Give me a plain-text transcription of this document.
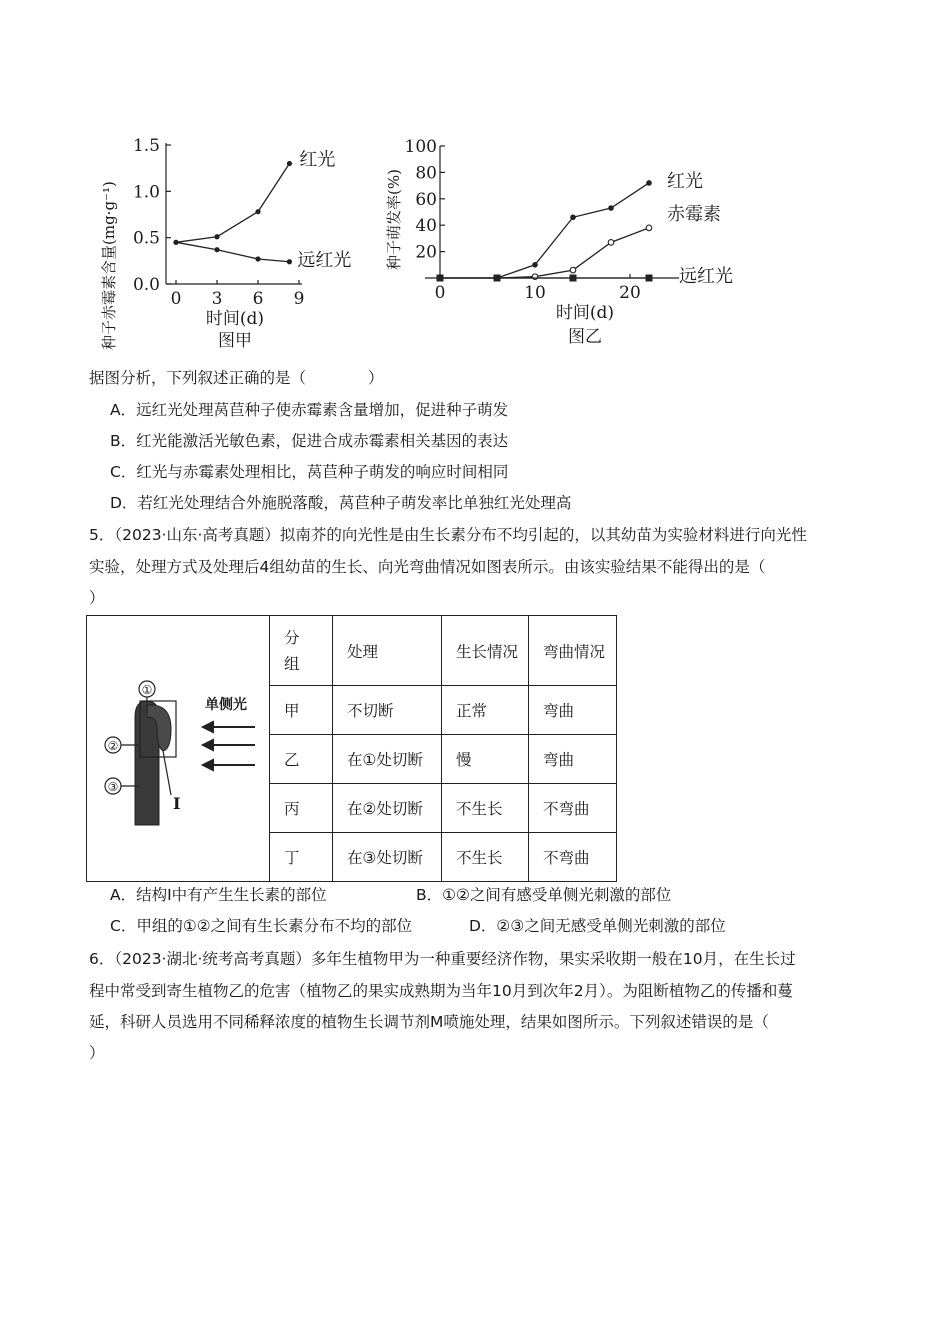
0.0
0.5
1.0
1.5
0 3 6 9
时间(d)
图甲
种子赤霉素含量(mg·g⁻¹)
红光
远红光	20
40
60
80
100
0	10	20
时间(d)
图乙
种子萌发率(%)	红光
赤霉素
远红光
据图分析，下列叙述正确的是（　　　　）
A．远红光处理莴苣种子使赤霉素含量增加，促进种子萌发
B．红光能激活光敏色素，促进合成赤霉素相关基因的表达
C．红光与赤霉素处理相比，莴苣种子萌发的响应时间相同
D．若红光处理结合外施脱落酸，莴苣种子萌发率比单独红光处理高
5．（2023·山东·高考真题）拟南芥的向光性是由生长素分布不均引起的，以其幼苗为实验材料进行向光性
实验，处理方式及处理后4组幼苗的生长、向光弯曲情况如图表所示。由该实验结果不能得出的是（
）
①
②
③
I
单侧光	分组	处理	生长情况	弯曲情况
	甲	不切断	正常	弯曲
	乙	在①处切断	慢	弯曲
	丙	在②处切断	不生长	不弯曲
	丁	在③处切断	不生长	不弯曲
A．结构Ⅰ中有产生生长素的部位	B．①②之间有感受单侧光刺激的部位
C．甲组的①②之间有生长素分布不均的部位	D．②③之间无感受单侧光刺激的部位
6．（2023·湖北·统考高考真题）多年生植物甲为一种重要经济作物，果实采收期一般在10月，在生长过
程中常受到寄生植物乙的危害（植物乙的果实成熟期为当年10月到次年2月）。为阻断植物乙的传播和蔓
延，科研人员选用不同稀释浓度的植物生长调节剂M喷施处理，结果如图所示。下列叙述错误的是（
）
